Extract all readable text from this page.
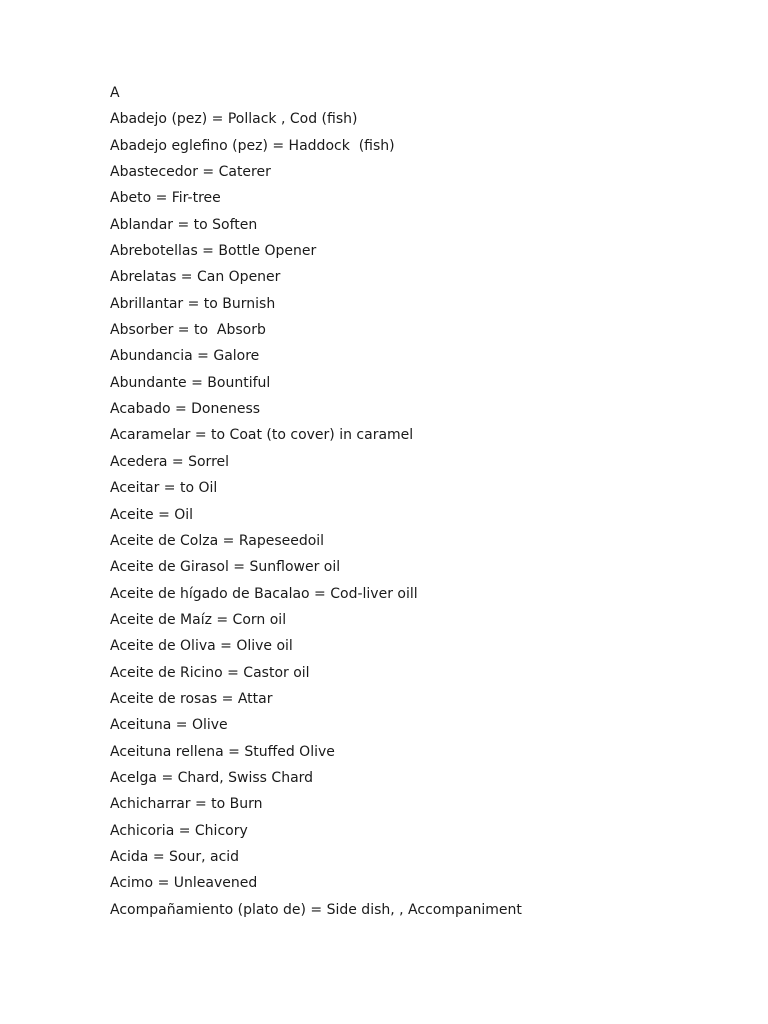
A
Abadejo (pez) = Pollack , Cod (fish)
Abadejo eglefino (pez) = Haddock  (fish)
Abastecedor = Caterer
Abeto = Fir-tree
Ablandar = to Soften
Abrebotellas = Bottle Opener
Abrelatas = Can Opener
Abrillantar = to Burnish
Absorber = to  Absorb
Abundancia = Galore
Abundante = Bountiful
Acabado = Doneness
Acaramelar = to Coat (to cover) in caramel
Acedera = Sorrel
Aceitar = to Oil
Aceite = Oil
Aceite de Colza = Rapeseedoil
Aceite de Girasol = Sunflower oil
Aceite de hígado de Bacalao = Cod-liver oill
Aceite de Maíz = Corn oil
Aceite de Oliva = Olive oil
Aceite de Ricino = Castor oil
Aceite de rosas = Attar
Aceituna = Olive
Aceituna rellena = Stuffed Olive
Acelga = Chard, Swiss Chard
Achicharrar = to Burn
Achicoria = Chicory
Acida = Sour, acid
Acimo = Unleavened
Acompañamiento (plato de) = Side dish, , Accompaniment
